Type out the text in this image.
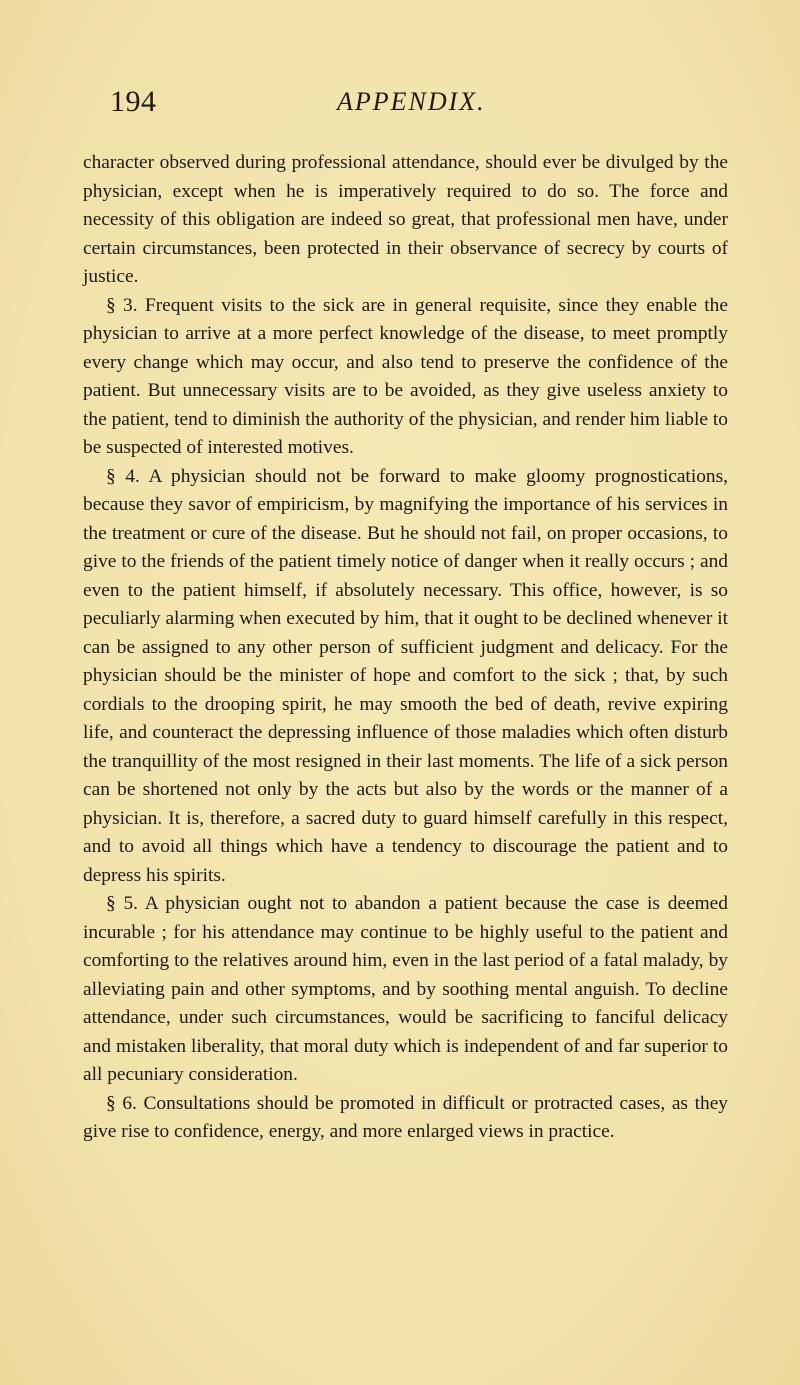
194	APPENDIX.

character observed during professional attendance, should ever be divulged by the physician, except when he is imperatively required to do so. The force and necessity of this obligation are indeed so great, that professional men have, under certain circumstances, been protected in their observance of secrecy by courts of justice.

§ 3. Frequent visits to the sick are in general requisite, since they enable the physician to arrive at a more perfect knowledge of the disease, to meet promptly every change which may occur, and also tend to preserve the confidence of the patient. But unnecessary visits are to be avoided, as they give useless anxiety to the patient, tend to diminish the authority of the physician, and render him liable to be suspected of interested motives.

§ 4. A physician should not be forward to make gloomy prognostications, because they savor of empiricism, by magnifying the importance of his services in the treatment or cure of the disease. But he should not fail, on proper occasions, to give to the friends of the patient timely notice of danger when it really occurs ; and even to the patient himself, if absolutely necessary. This office, however, is so peculiarly alarming when executed by him, that it ought to be declined whenever it can be assigned to any other person of sufficient judgment and delicacy. For the physician should be the minister of hope and comfort to the sick ; that, by such cordials to the drooping spirit, he may smooth the bed of death, revive expiring life, and counteract the depressing influence of those maladies which often disturb the tranquillity of the most resigned in their last moments. The life of a sick person can be shortened not only by the acts but also by the words or the manner of a physician. It is, therefore, a sacred duty to guard himself carefully in this respect, and to avoid all things which have a tendency to discourage the patient and to depress his spirits.

§ 5. A physician ought not to abandon a patient because the case is deemed incurable ; for his attendance may continue to be highly useful to the patient and comforting to the relatives around him, even in the last period of a fatal malady, by alleviating pain and other symptoms, and by soothing mental anguish. To decline attendance, under such circumstances, would be sacrificing to fanciful delicacy and mistaken liberality, that moral duty which is independent of and far superior to all pecuniary consideration.

§ 6. Consultations should be promoted in difficult or protracted cases, as they give rise to confidence, energy, and more enlarged views in practice.
